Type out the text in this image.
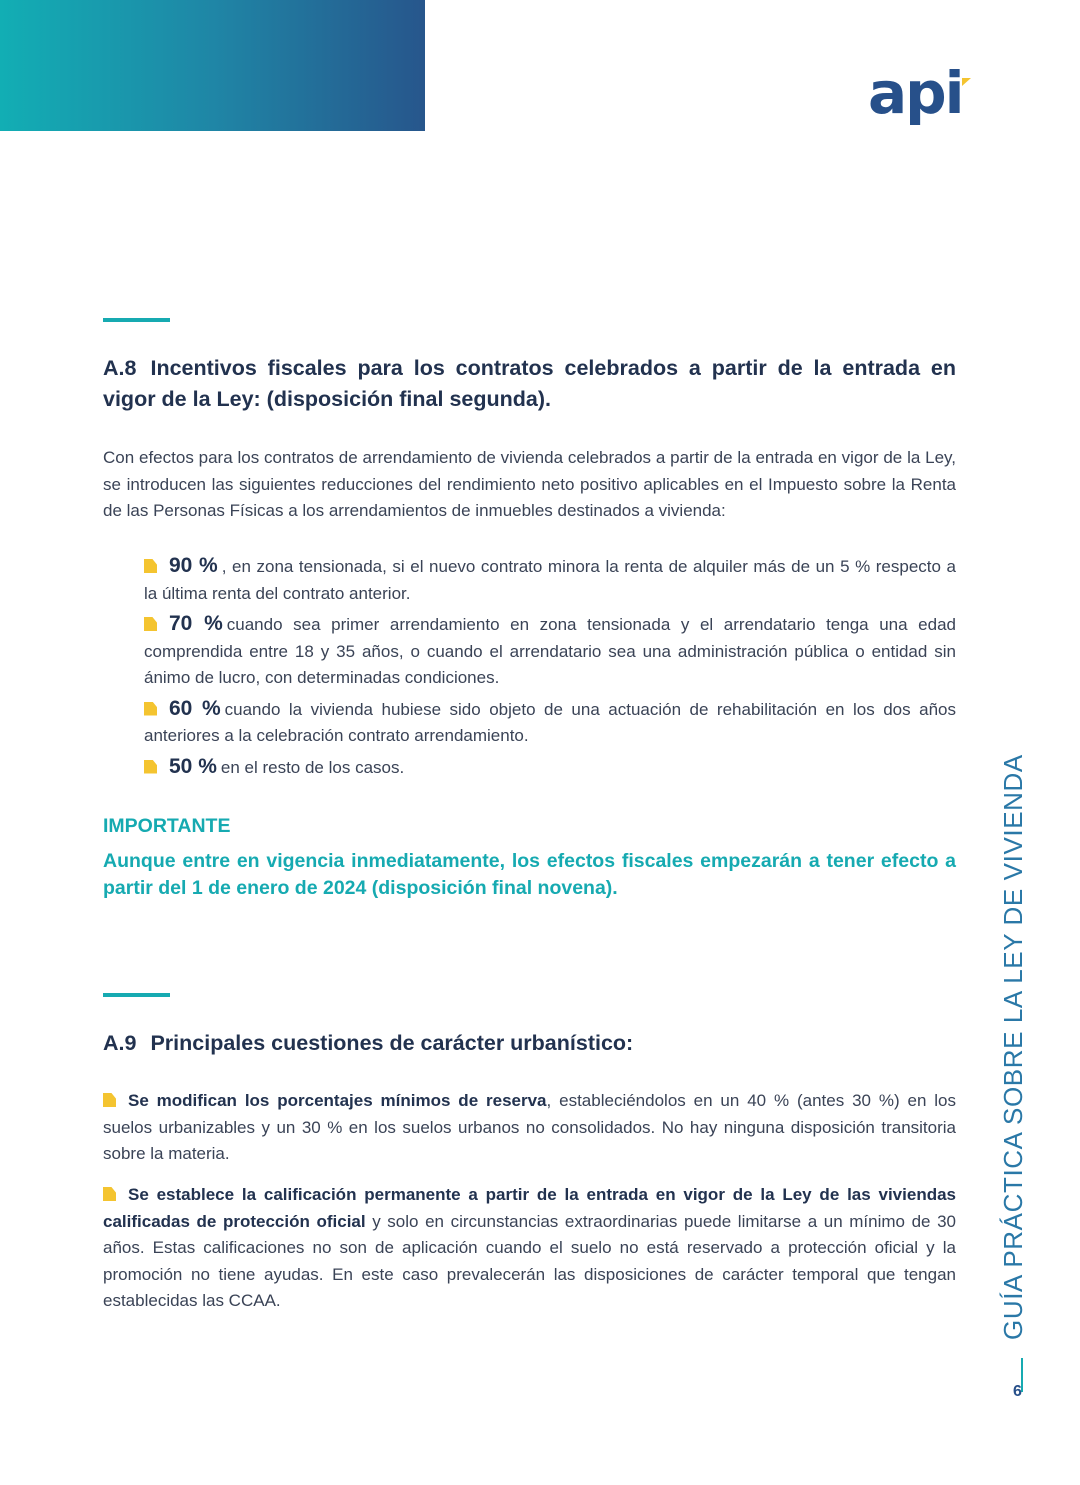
api
A.8 Incentivos fiscales para los contratos celebrados a partir de la entrada en vigor de la Ley: (disposición final segunda).

Con efectos para los contratos de arrendamiento de vivienda celebrados a partir de la entrada en vigor de la Ley, se introducen las siguientes reducciones del rendimiento neto positivo aplicables en el Impuesto sobre la Renta de las Personas Físicas a los arrendamientos de inmuebles destinados a vivienda:

90 % , en zona tensionada, si el nuevo contrato minora la renta de alquiler más de un 5 % respecto a la última renta del contrato anterior.
70 % cuando sea primer arrendamiento en zona tensionada y el arrendatario tenga una edad comprendida entre 18 y 35 años, o cuando el arrendatario sea una administración pública o entidad sin ánimo de lucro, con determinadas condiciones.
60 % cuando la vivienda hubiese sido objeto de una actuación de rehabilitación en los dos años anteriores a la celebración contrato arrendamiento.
50 % en el resto de los casos.

IMPORTANTE

Aunque entre en vigencia inmediatamente, los efectos fiscales empezarán a tener efecto a partir del 1 de enero de 2024 (disposición final novena).

A.9 Principales cuestiones de carácter urbanístico:

Se modifican los porcentajes mínimos de reserva, estableciéndolos en un 40 % (antes 30 %) en los suelos urbanizables y un 30 % en los suelos urbanos no consolidados. No hay ninguna disposición transitoria sobre la materia.

Se establece la calificación permanente a partir de la entrada en vigor de la Ley de las viviendas calificadas de protección oficial y solo en circunstancias extraordinarias puede limitarse a un mínimo de 30 años. Estas calificaciones no son de aplicación cuando el suelo no está reservado a protección oficial y la promoción no tiene ayudas. En este caso prevalecerán las disposiciones de carácter temporal que tengan establecidas las CCAA.	GUÍA PRÁCTICA SOBRE LA LEY DE VIVIENDA
6
